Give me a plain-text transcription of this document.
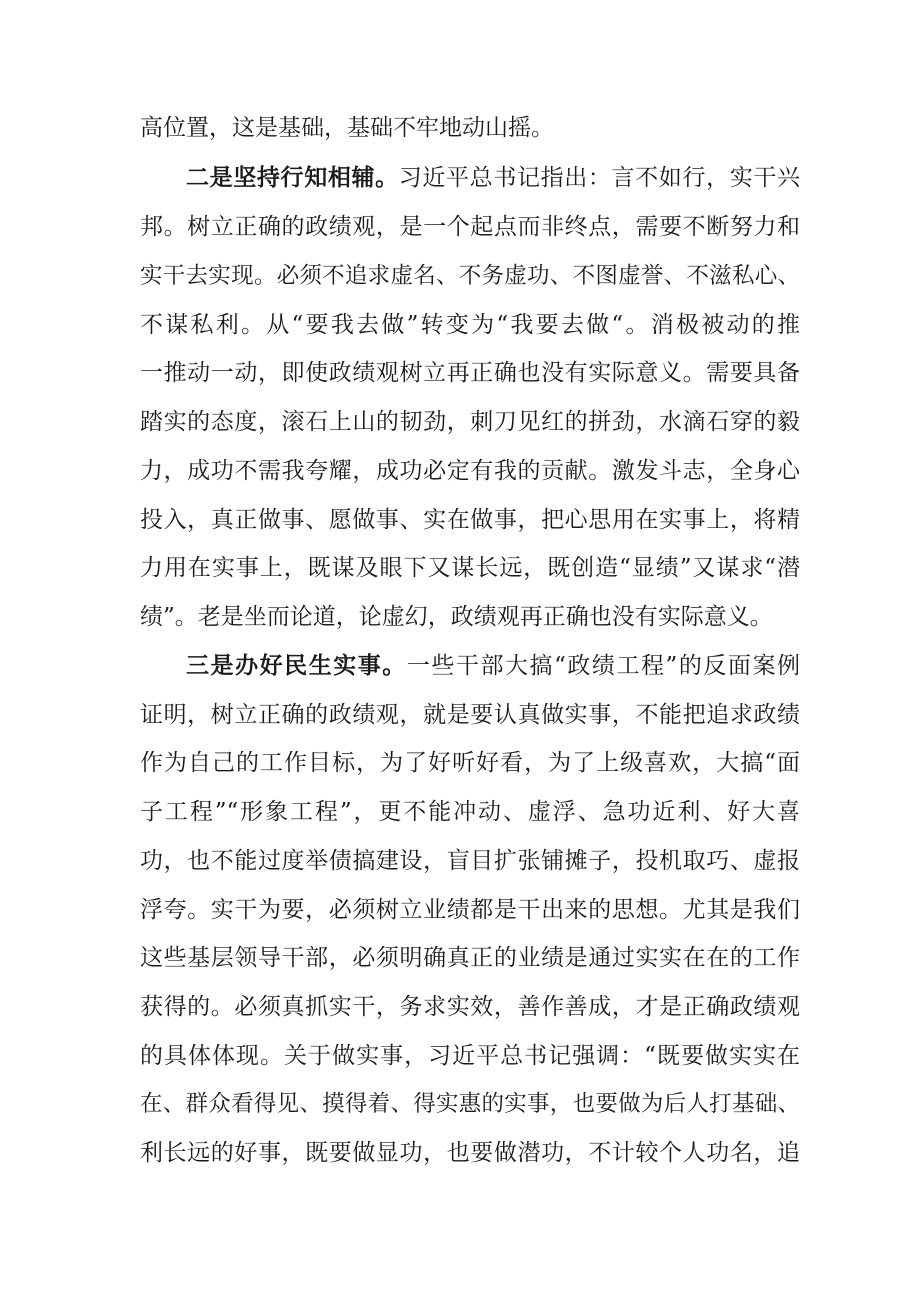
高位置，这是基础，基础不牢地动山摇。
二是坚持行知相辅。习近平总书记指出：言不如行，实干兴
邦。树立正确的政绩观，是一个起点而非终点，需要不断努力和
实干去实现。必须不追求虚名、不务虚功、不图虚誉、不滋私心、
不谋私利。从“要我去做”转变为“我要去做“。消极被动的推
一推动一动，即使政绩观树立再正确也没有实际意义。需要具备
踏实的态度，滚石上山的韧劲，刺刀见红的拼劲，水滴石穿的毅
力，成功不需我夸耀，成功必定有我的贡献。激发斗志，全身心
投入，真正做事、愿做事、实在做事，把心思用在实事上，将精
力用在实事上，既谋及眼下又谋长远，既创造“显绩”又谋求“潜
绩”。老是坐而论道，论虚幻，政绩观再正确也没有实际意义。
三是办好民生实事。一些干部大搞“政绩工程”的反面案例
证明，树立正确的政绩观，就是要认真做实事，不能把追求政绩
作为自己的工作目标，为了好听好看，为了上级喜欢，大搞“面
子工程”“形象工程”，更不能冲动、虚浮、急功近利、好大喜
功，也不能过度举债搞建设，盲目扩张铺摊子，投机取巧、虚报
浮夸。实干为要，必须树立业绩都是干出来的思想。尤其是我们
这些基层领导干部，必须明确真正的业绩是通过实实在在的工作
获得的。必须真抓实干，务求实效，善作善成，才是正确政绩观
的具体体现。关于做实事，习近平总书记强调：“既要做实实在
在、群众看得见、摸得着、得实惠的实事，也要做为后人打基础、
利长远的好事，既要做显功，也要做潜功，不计较个人功名，追
